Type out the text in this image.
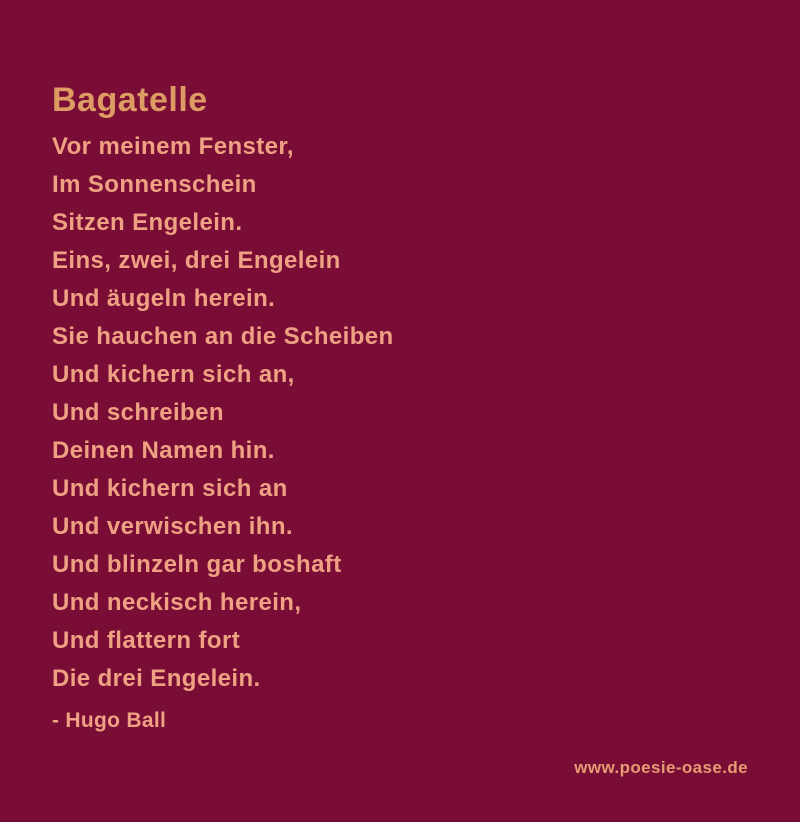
Bagatelle
Vor meinem Fenster,
Im Sonnenschein
Sitzen Engelein.
Eins, zwei, drei Engelein
Und äugeln herein.
Sie hauchen an die Scheiben
Und kichern sich an,
Und schreiben
Deinen Namen hin.
Und kichern sich an
Und verwischen ihn.
Und blinzeln gar boshaft
Und neckisch herein,
Und flattern fort
Die drei Engelein.
- Hugo Ball
www.poesie-oase.de
